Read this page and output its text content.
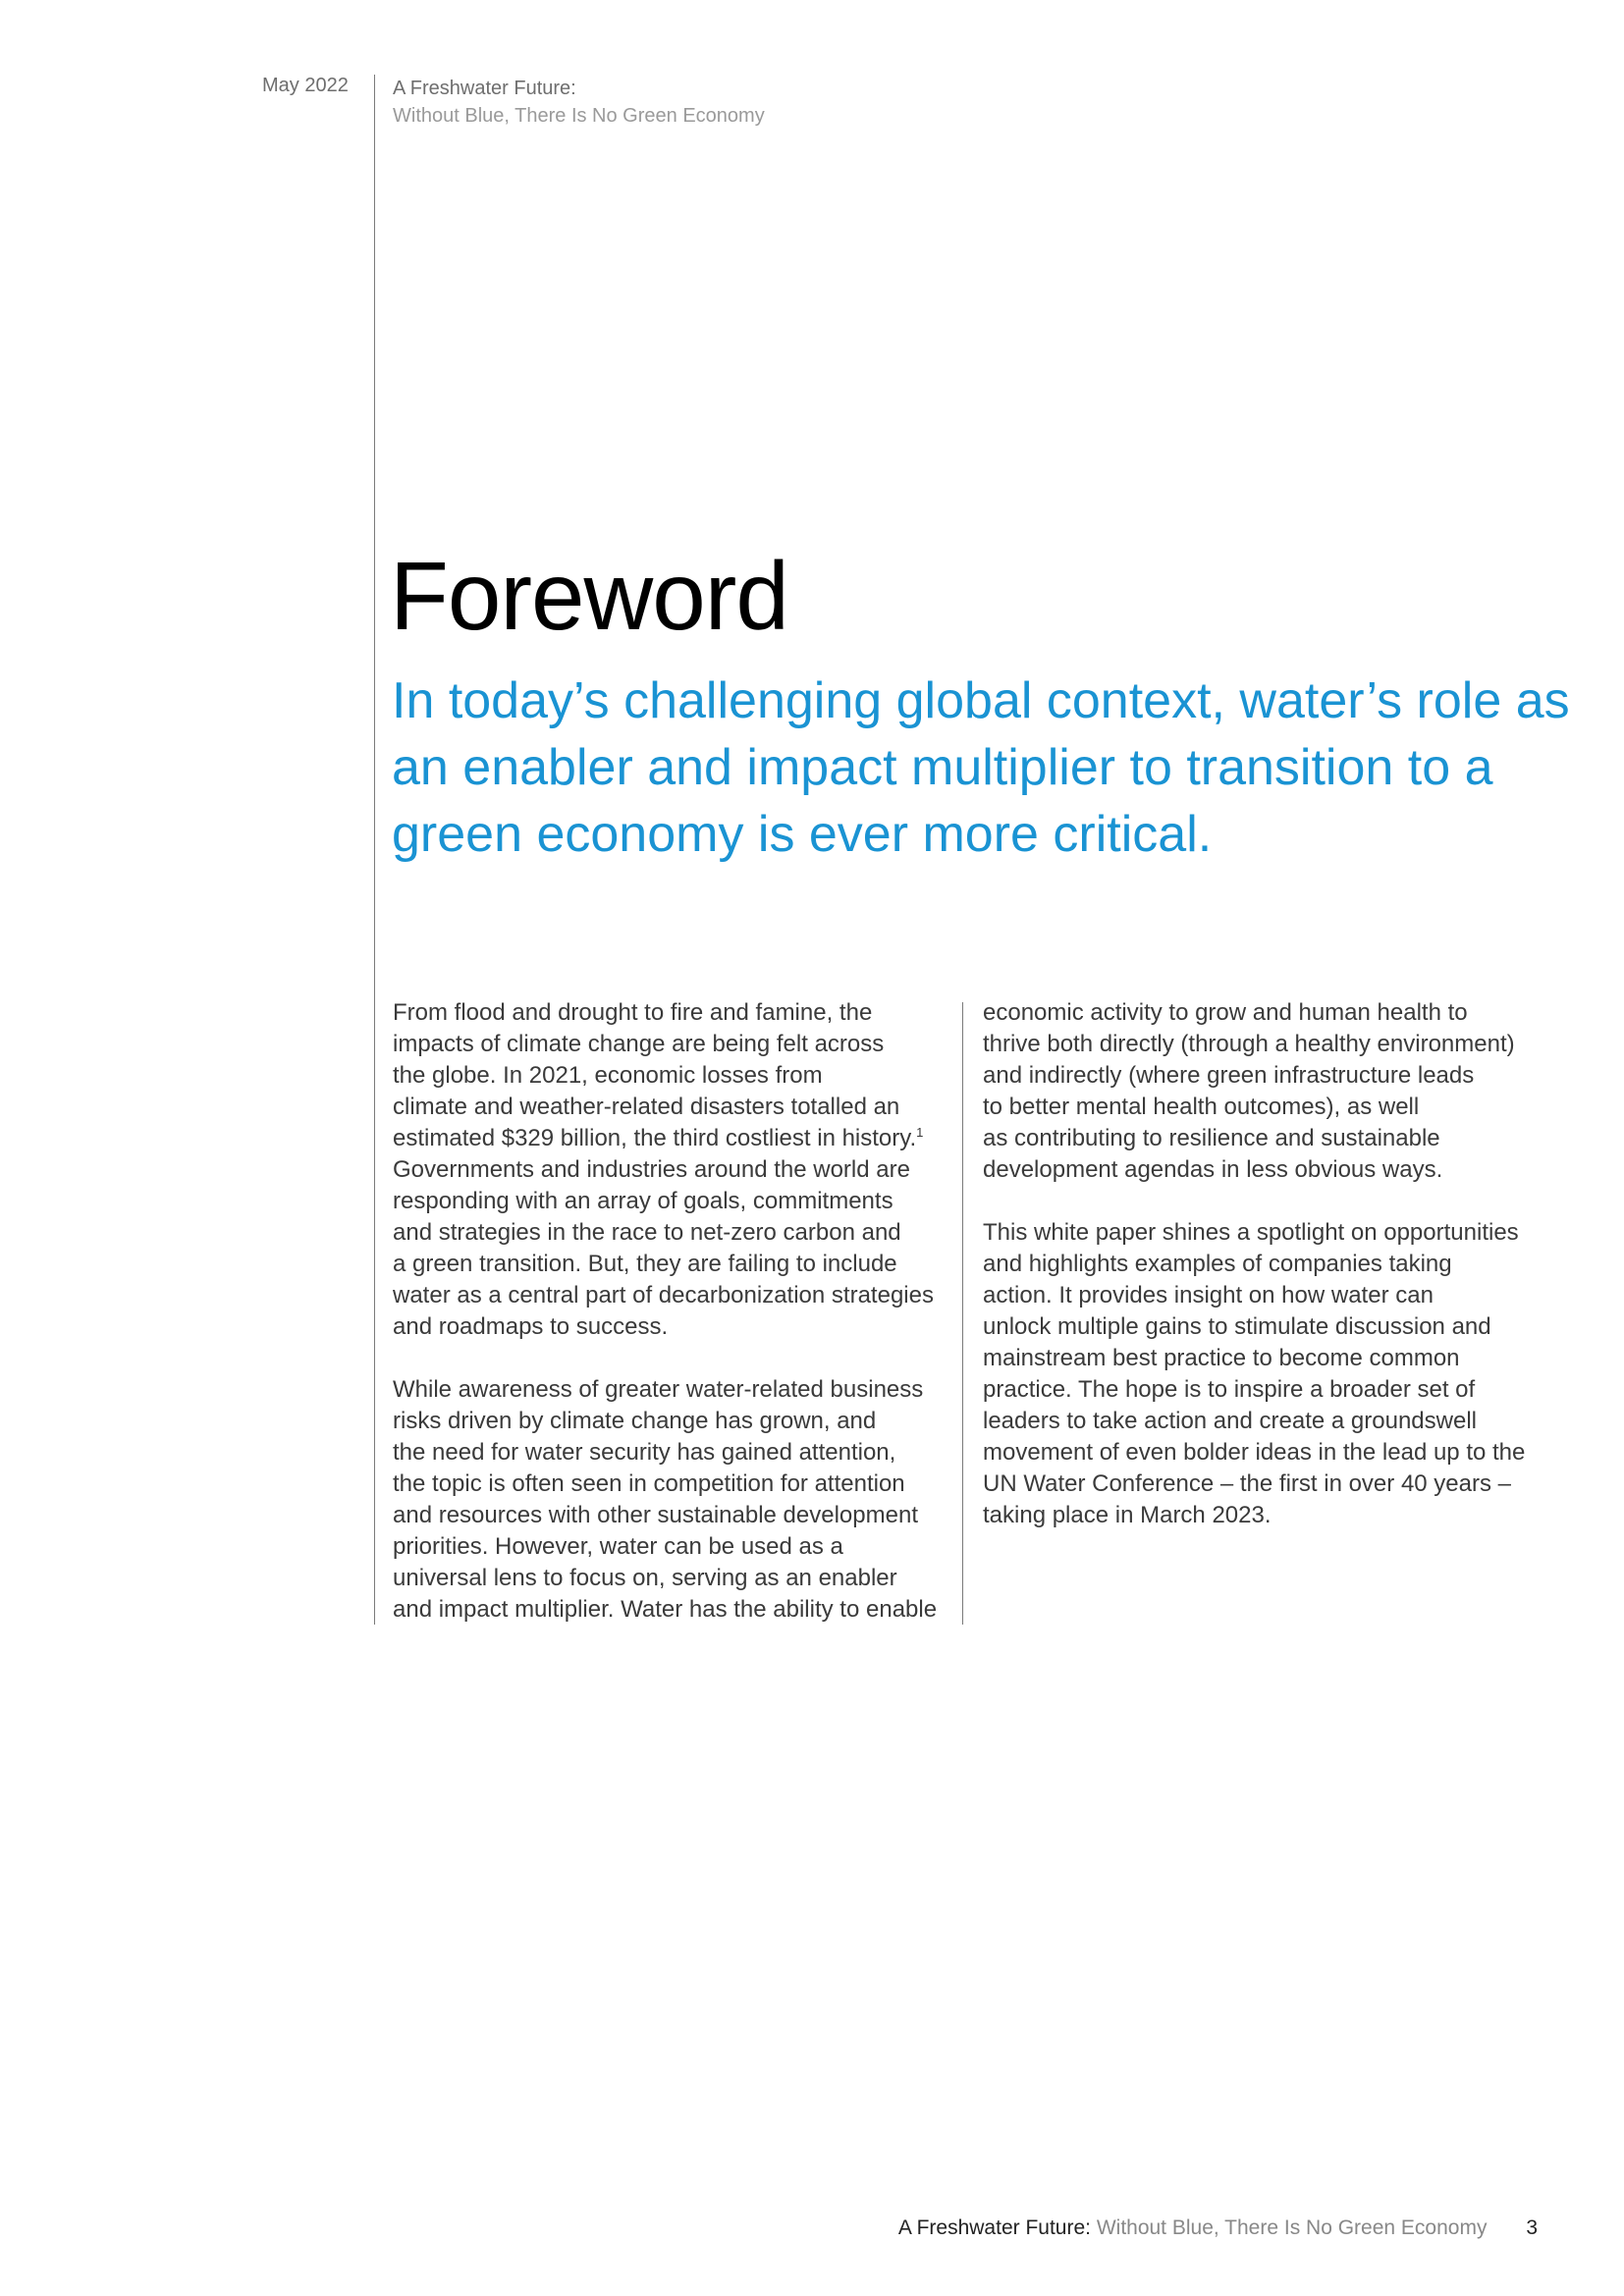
May 2022 A Freshwater Future:
Without Blue, There Is No Green Economy
Foreword
In today’s challenging global context, water’s role as an enabler and impact multiplier to transition to a green economy is ever more critical.

From flood and drought to fire and famine, the
impacts of climate change are being felt across
the globe. In 2021, economic losses from
climate and weather-related disasters totalled an
estimated $329 billion, the third costliest in history.$^1$
Governments and industries around the world are
responding with an array of goals, commitments
and strategies in the race to net-zero carbon and
a green transition. But, they are failing to include
water as a central part of decarbonization strategies
and roadmaps to success.

While awareness of greater water-related business
risks driven by climate change has grown, and
the need for water security has gained attention,
the topic is often seen in competition for attention
and resources with other sustainable development
priorities. However, water can be used as a
universal lens to focus on, serving as an enabler
and impact multiplier. Water has the ability to enable

economic activity to grow and human health to
thrive both directly (through a healthy environment)
and indirectly (where green infrastructure leads
to better mental health outcomes), as well
as contributing to resilience and sustainable
development agendas in less obvious ways.

This white paper shines a spotlight on opportunities
and highlights examples of companies taking
action. It provides insight on how water can
unlock multiple gains to stimulate discussion and
mainstream best practice to become common
practice. The hope is to inspire a broader set of
leaders to take action and create a groundswell
movement of even bolder ideas in the lead up to the
UN Water Conference – the first in over 40 years –
taking place in March 2023.

A Freshwater Future: Without Blue, There Is No Green Economy 3
